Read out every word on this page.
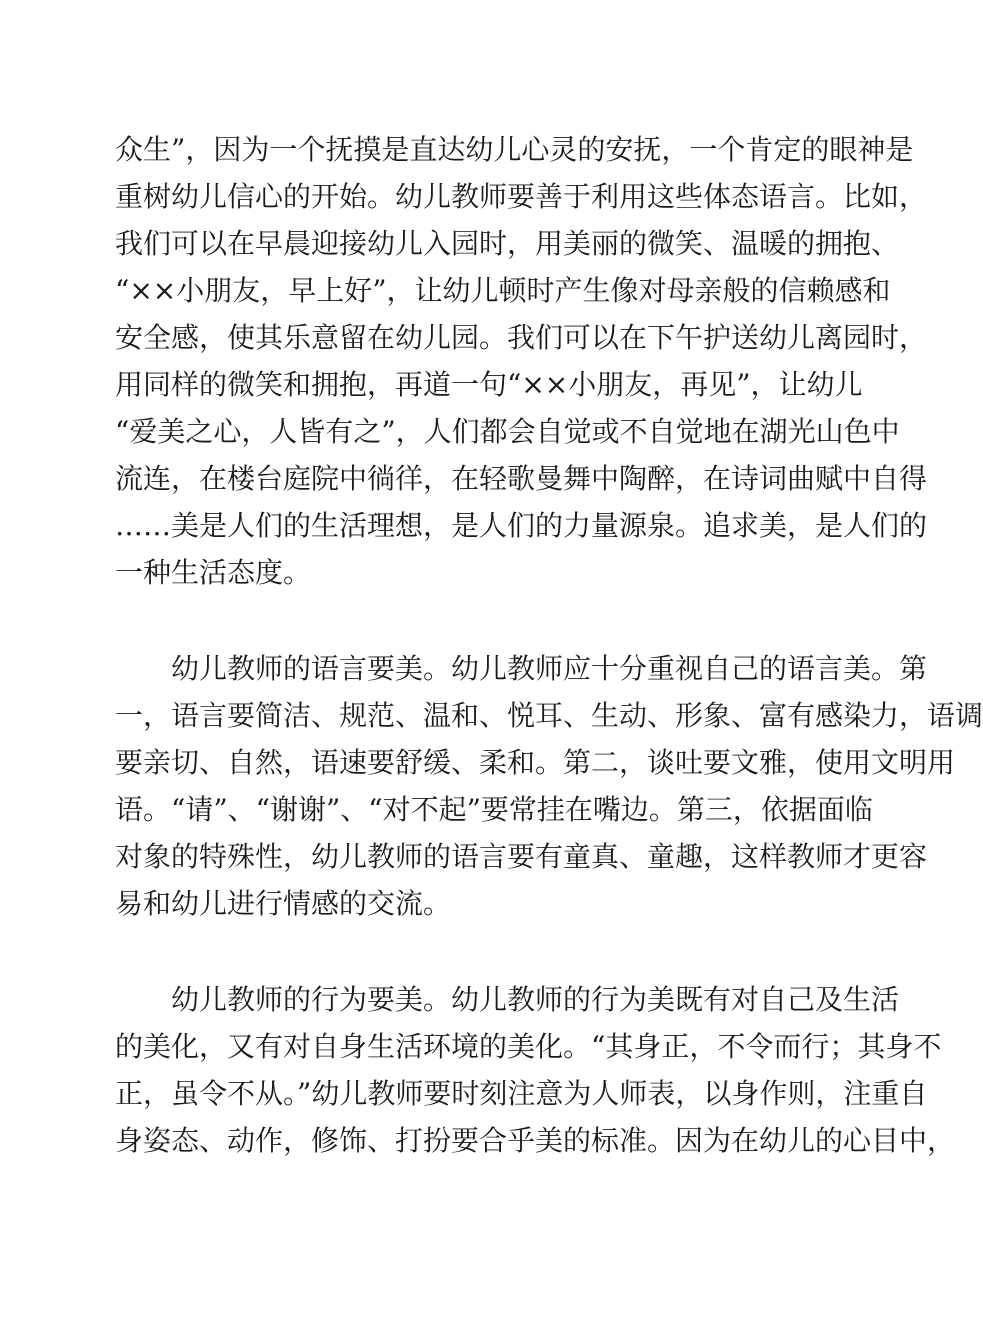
众生”，因为一个抚摸是直达幼儿心灵的安抚，一个肯定的眼神是
重树幼儿信心的开始。幼儿教师要善于利用这些体态语言。比如，
我们可以在早晨迎接幼儿入园时，用美丽的微笑、温暖的拥抱、
“××小朋友，早上好”，让幼儿顿时产生像对母亲般的信赖感和
安全感，使其乐意留在幼儿园。我们可以在下午护送幼儿离园时，
用同样的微笑和拥抱，再道一句“××小朋友，再见”，让幼儿
“爱美之心，人皆有之”，人们都会自觉或不自觉地在湖光山色中
流连，在楼台庭院中徜徉，在轻歌曼舞中陶醉，在诗词曲赋中自得
……美是人们的生活理想，是人们的力量源泉。追求美，是人们的
一种生活态度。
幼儿教师的语言要美。幼儿教师应十分重视自己的语言美。第
一，语言要简洁、规范、温和、悦耳、生动、形象、富有感染力，语调
要亲切、自然，语速要舒缓、柔和。第二，谈吐要文雅，使用文明用
语。“请”、“谢谢”、“对不起”要常挂在嘴边。第三，依据面临
对象的特殊性，幼儿教师的语言要有童真、童趣，这样教师才更容
易和幼儿进行情感的交流。
幼儿教师的行为要美。幼儿教师的行为美既有对自己及生活
的美化，又有对自身生活环境的美化。“其身正，不令而行；其身不
正，虽令不从。”幼儿教师要时刻注意为人师表，以身作则，注重自
身姿态、动作，修饰、打扮要合乎美的标准。因为在幼儿的心目中，
